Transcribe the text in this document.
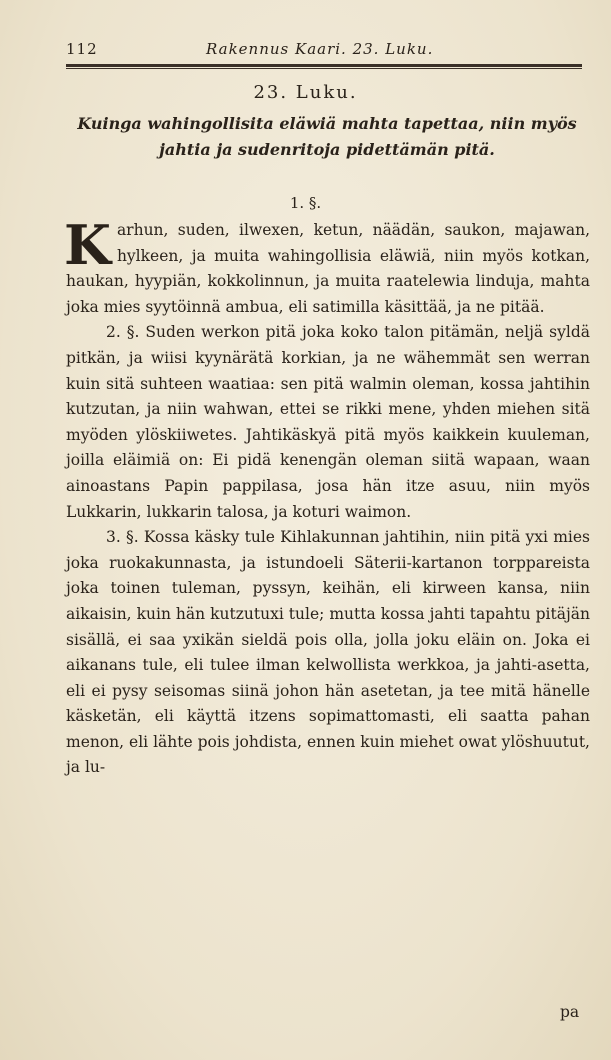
112	Rakennus Kaari. 23. Luku.
23. Luku.
Kuinga wahingollisita eläwiä mahta tapettaa, niin myös jahtia ja sudenritoja pidettämän pitä.
1. §.

Karhun, suden, ilwexen, ketun, näädän, saukon, majawan, hylkeen, ja muita wahingollisia eläwiä, niin myös kotkan, haukan, hyypiän, kokkolinnun, ja muita raatelewia linduja, mahta joka mies syytöinnä ambua, eli satimilla käsittää, ja ne pitää.

2. §. Suden werkon pitä joka koko talon pitämän, neljä syldä pitkän, ja wiisi kyynärätä korkian, ja ne wähemmät sen werran kuin sitä suhteen waatiaa: sen pitä walmin oleman, kossa jahtihin kutzutan, ja niin wahwan, ettei se rikki mene, yhden miehen sitä myöden ylöskiiwetes. Jahtikäskyä pitä myös kaikkein kuuleman, joilla eläimiä on: Ei pidä kenengän oleman siitä wapaan, waan ainoastans Papin pappilasa, josa hän itze asuu, niin myös Lukkarin, lukkarin talosa, ja koturi waimon.

3. §. Kossa käsky tule Kihlakunnan jahtihin, niin pitä yxi mies joka ruokakunnasta, ja istundoeli Säterii-kartanon torppareista joka toinen tuleman, pyssyn, keihän, eli kirween kansa, niin aikaisin, kuin hän kutzutuxi tule; mutta kossa jahti tapahtu pitäjän sisällä, ei saa yxikän sieldä pois olla, jolla joku eläin on. Joka ei aikanans tule, eli tulee ilman kelwollista werkkoa, ja jahti-asetta, eli ei pysy seisomas siinä johon hän asetetan, ja tee mitä hänelle käsketän, eli käyttä itzens sopimattomasti, eli saatta pahan menon, eli lähte pois johdista, ennen kuin miehet owat ylöshuutut, ja lu-

pa
